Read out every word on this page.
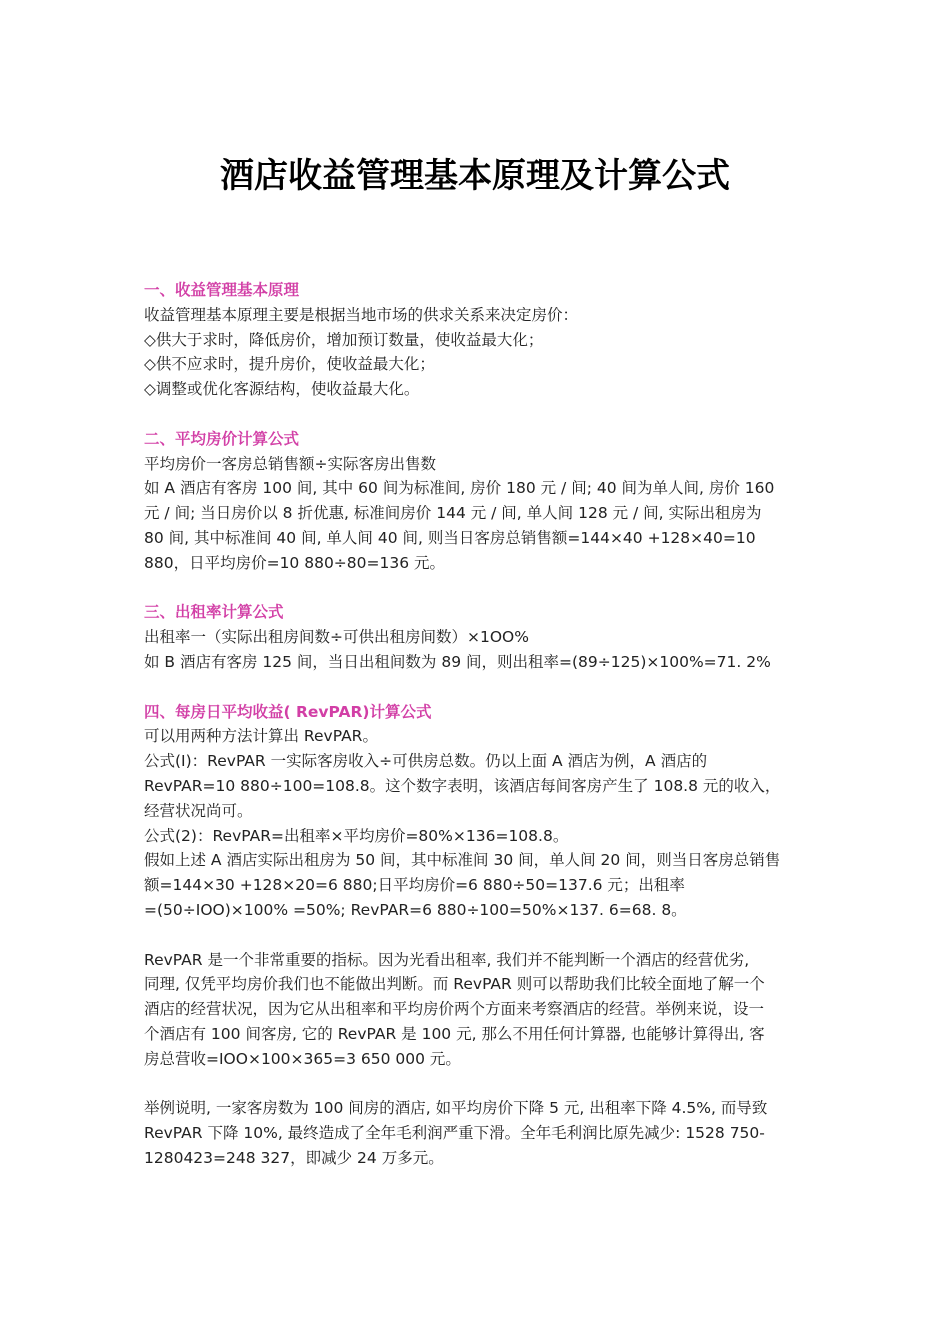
酒店收益管理基本原理及计算公式

一、收益管理基本原理

收益管理基本原理主要是根据当地市场的供求关系来决定房价：

◇供大于求时，降低房价，增加预订数量，使收益最大化；

◇供不应求时，提升房价，使收益最大化；

◇调整或优化客源结构，使收益最大化。

二、平均房价计算公式

平均房价一客房总销售额÷实际客房出售数

如 A 酒店有客房 100 间, 其中 60 间为标准间, 房价 180 元 / 间; 40 间为单人间, 房价 160

元 / 间; 当日房价以 8 折优惠, 标准间房价 144 元 / 间, 单人间 128 元 / 间, 实际出租房为

80 间, 其中标准间 40 间, 单人间 40 间, 则当日客房总销售额=144×40 +128×40=10

880，日平均房价=10 880÷80=136 元。

三、出租率计算公式

出租率一（实际出租房间数÷可供出租房间数）×1OO%

如 B 酒店有客房 125 间，当日出租间数为 89 间，则出租率=(89÷125)×100%=71. 2%

四、每房日平均收益( RevPAR)计算公式

可以用两种方法计算出 RevPAR。

公式(I)：RevPAR 一实际客房收入÷可供房总数。仍以上面 A 酒店为例，A 酒店的

RevPAR=10 880÷100=108.8。这个数字表明，该酒店每间客房产生了 108.8 元的收入，

经营状况尚可。

公式(2)：RevPAR=出租率×平均房价=80%×136=108.8。

假如上述 A 酒店实际出租房为 50 间，其中标准间 30 间，单人间 20 间，则当日客房总销售

额=144×30 +128×20=6 880;日平均房价=6 880÷50=137.6 元；出租率

=(50÷IOO)×100% =50%; RevPAR=6 880÷100=50%×137. 6=68. 8。

RevPAR 是一个非常重要的指标。因为光看出租率, 我们并不能判断一个酒店的经营优劣,

同理, 仅凭平均房价我们也不能做出判断。而 RevPAR 则可以帮助我们比较全面地了解一个

酒店的经营状况，因为它从出租率和平均房价两个方面来考察酒店的经营。举例来说，设一

个酒店有 100 间客房, 它的 RevPAR 是 100 元, 那么不用任何计算器, 也能够计算得出, 客

房总营收=IOO×100×365=3 650 000 元。

举例说明, 一家客房数为 100 间房的酒店, 如平均房价下降 5 元, 出租率下降 4.5%, 而导致

RevPAR 下降 10%, 最终造成了全年毛利润严重下滑。全年毛利润比原先减少: 1528 750-

1280423=248 327，即减少 24 万多元。
